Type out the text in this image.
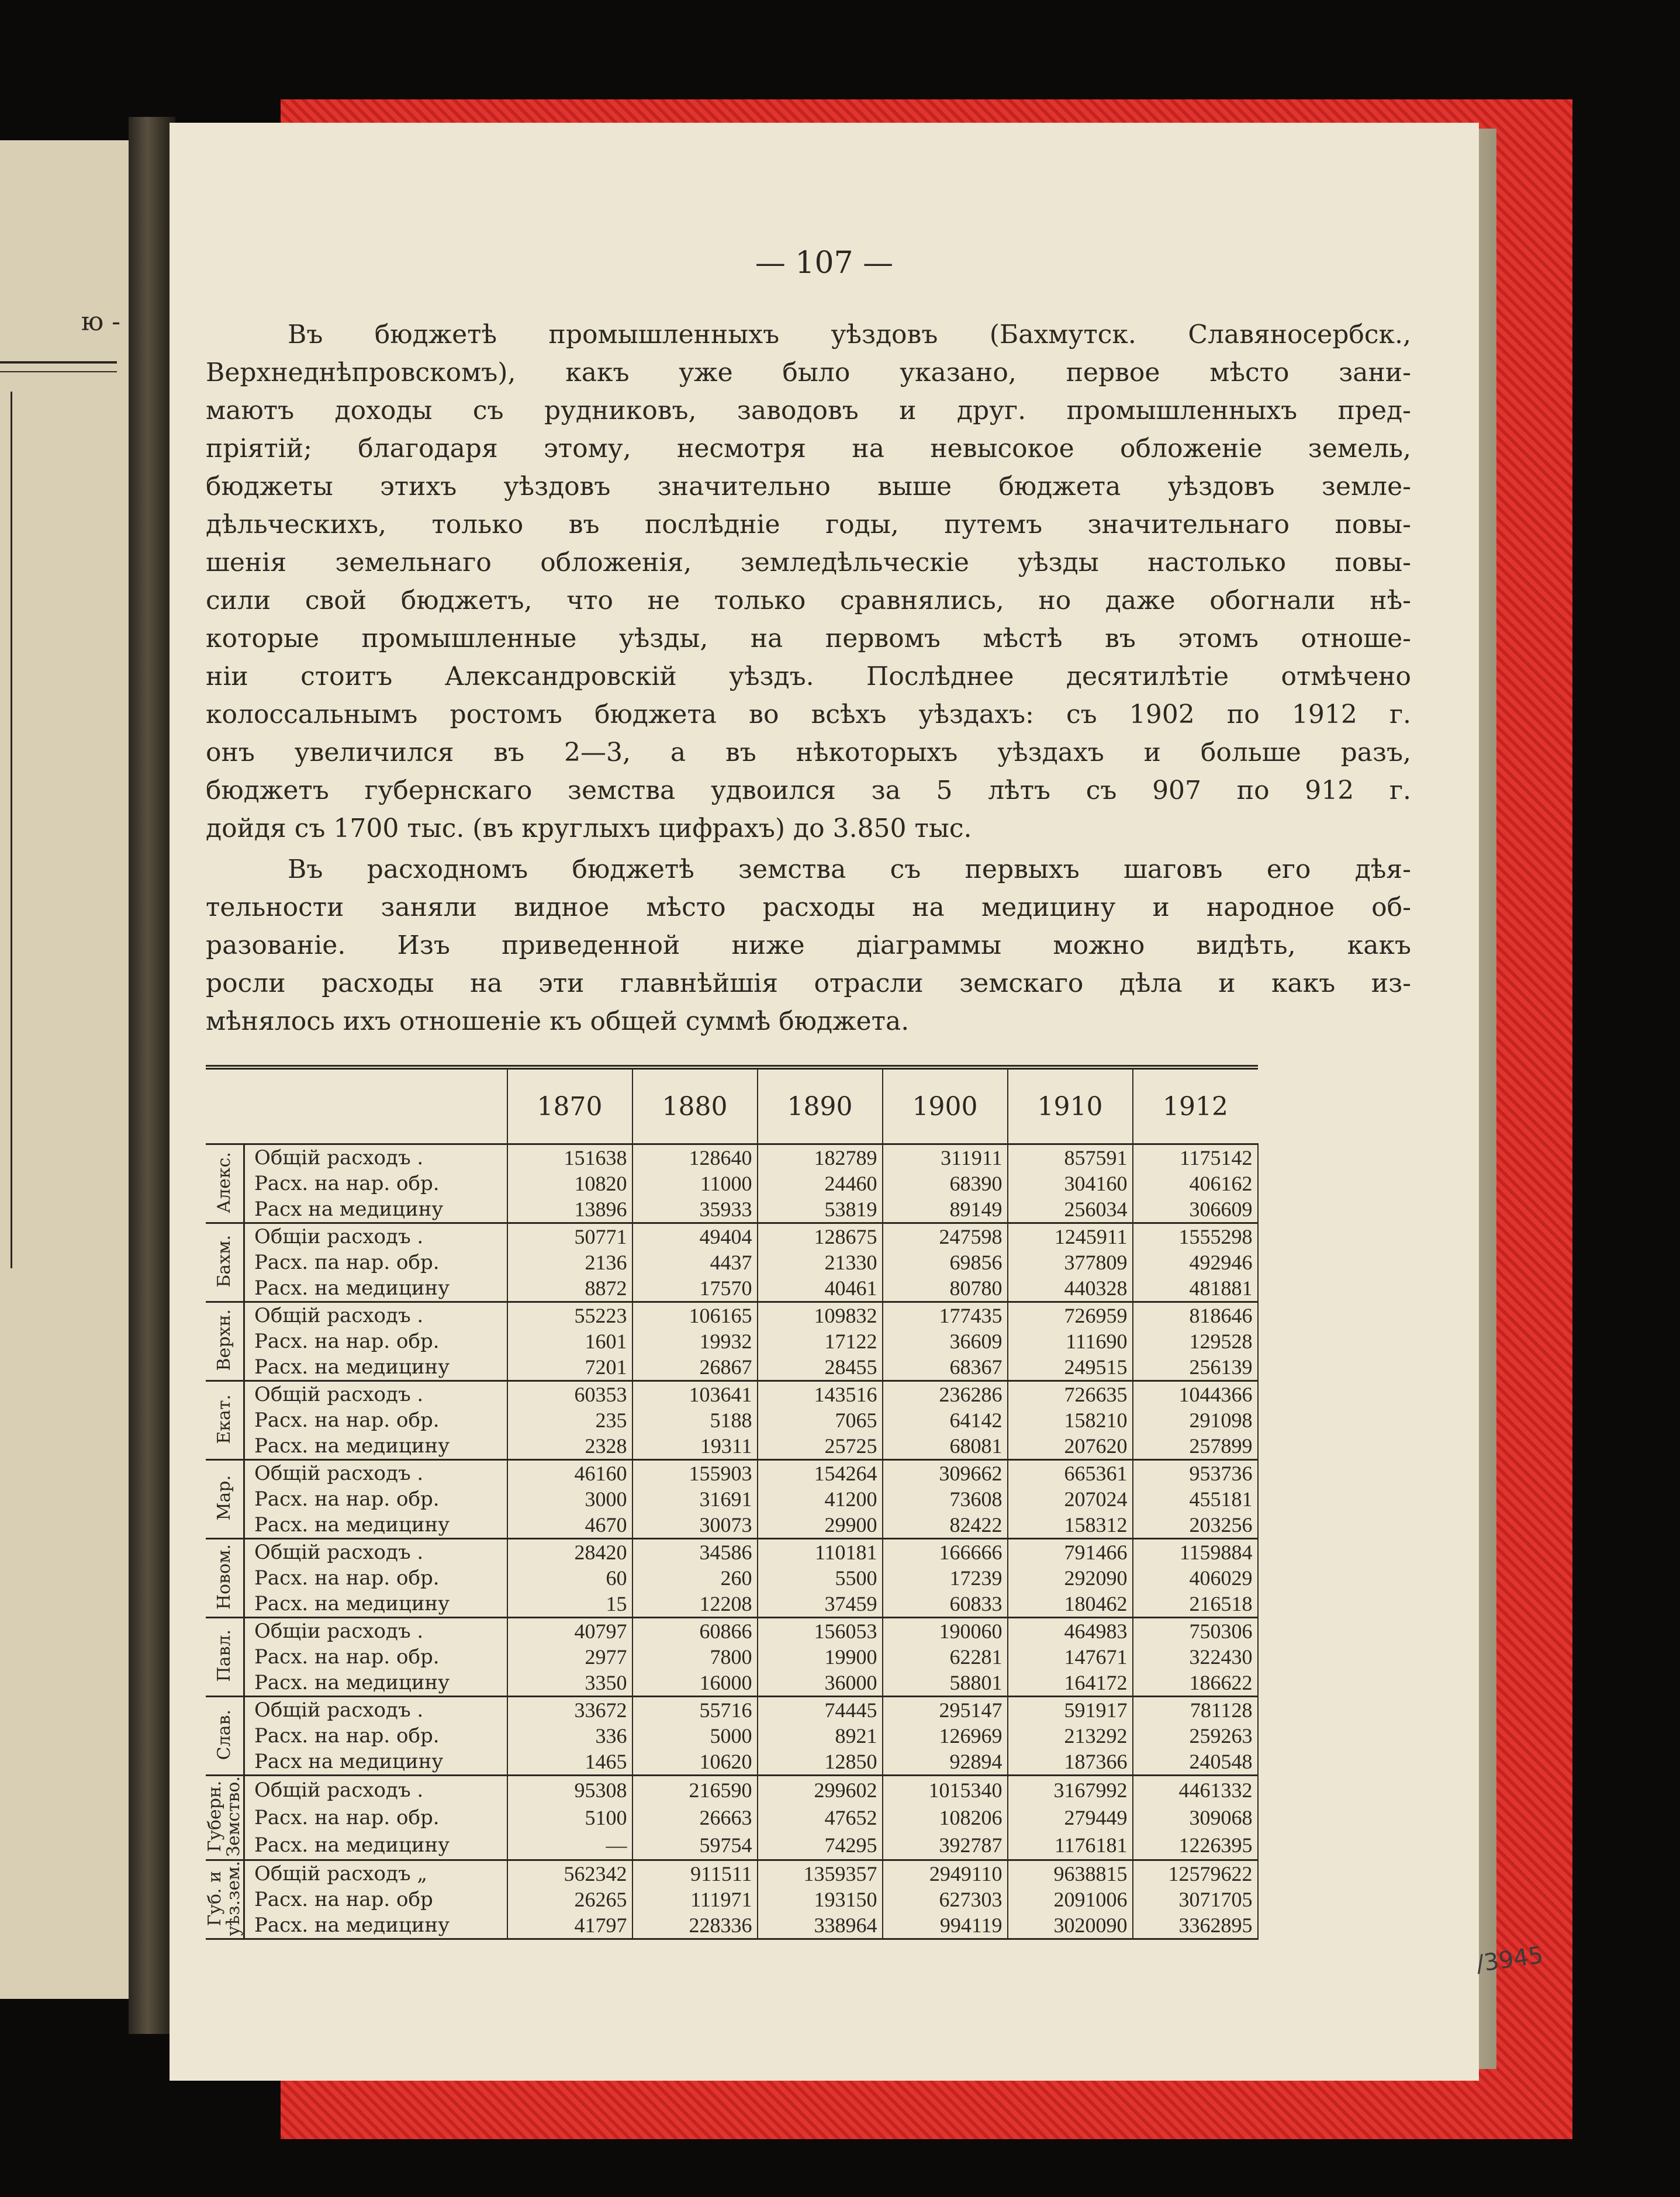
ю -
— 107 —

Въ бюджетѣ промышленныхъ уѣздовъ (Бахмутск. Славяносербск.,

Верхнеднѣпровскомъ), какъ уже было указано, первое мѣсто зани-

маютъ доходы съ рудниковъ, заводовъ и друг. промышленныхъ пред-

пріятій; благодаря этому, несмотря на невысокое обложеніе земель,

бюджеты этихъ уѣздовъ значительно выше бюджета уѣздовъ земле-

дѣльческихъ, только въ послѣдніе годы, путемъ значительнаго повы-

шенія земельнаго обложенія, земледѣльческіе уѣзды настолько повы-

сили свой бюджетъ, что не только сравнялись, но даже обогнали нѣ-

которые промышленные уѣзды, на первомъ мѣстѣ въ этомъ отноше-

ніи стоитъ Александровскій уѣздъ. Послѣднее десятилѣтіе отмѣчено

колоссальнымъ ростомъ бюджета во всѣхъ уѣздахъ: съ 1902 по 1912 г.

онъ увеличился въ 2—3, а въ нѣкоторыхъ уѣздахъ и больше разъ,

бюджетъ губернскаго земства удвоился за 5 лѣтъ съ 907 по 912 г.

дойдя съ 1700 тыс. (въ круглыхъ цифрахъ) до 3.850 тыс.

Въ расходномъ бюджетѣ земства съ первыхъ шаговъ его дѣя-

тельности заняли видное мѣсто расходы на медицину и народное об-

разованіе. Изъ приведенной ниже діаграммы можно видѣть, какъ

росли расходы на эти главнѣйшія отрасли земскаго дѣла и какъ из-

мѣнялось ихъ отношеніе къ общей суммѣ бюджета.

		1870	1880	1890	1900	1910	1912
Алекс.	Общій расходъ .	151638	128640	182789	311911	857591	1175142
	Расх. на нар. обр.	10820	11000	24460	68390	304160	406162
	Расх на медицину	13896	35933	53819	89149	256034	306609
Бахм.	Общіи расходъ .	50771	49404	128675	247598	1245911	1555298
	Расх. па нар. обр.	2136	4437	21330	69856	377809	492946
	Расх. на медицину	8872	17570	40461	80780	440328	481881
Верхн.	Общій расходъ .	55223	106165	109832	177435	726959	818646
	Расх. на нар. обр.	1601	19932	17122	36609	111690	129528
	Расх. на медицину	7201	26867	28455	68367	249515	256139
Екат.	Общій расходъ .	60353	103641	143516	236286	726635	1044366
	Расх. на нар. обр.	235	5188	7065	64142	158210	291098
	Расх. на медицину	2328	19311	25725	68081	207620	257899
Мар.	Общій расходъ .	46160	155903	154264	309662	665361	953736
	Расх. на нар. обр.	3000	31691	41200	73608	207024	455181
	Расх. на медицину	4670	30073	29900	82422	158312	203256
Новом.	Общій расходъ .	28420	34586	110181	166666	791466	1159884
	Расх. на нар. обр.	60	260	5500	17239	292090	406029
	Расх. на медицину	15	12208	37459	60833	180462	216518
Павл.	Общіи расходъ .	40797	60866	156053	190060	464983	750306
	Расх. на нар. обр.	2977	7800	19900	62281	147671	322430
	Расх. на медицину	3350	16000	36000	58801	164172	186622
Слав.	Общій расходъ .	33672	55716	74445	295147	591917	781128
	Расх. на нар. обр.	336	5000	8921	126969	213292	259263
	Расх на медицину	1465	10620	12850	92894	187366	240548
Губерн.
Земство.	Общій расходъ .	95308	216590	299602	1015340	3167992	4461332
	Расх. на нар. обр.	5100	26663	47652	108206	279449	309068
	Расх. на медицину	—	59754	74295	392787	1176181	1226395
Губ. и
уѣз.зем.	Общій расходъ „	562342	911511	1359357	2949110	9638815	12579622
	Расх. на нар. обр	26265	111971	193150	627303	2091006	3071705
	Расх. на медицину	41797	228336	338964	994119	3020090	3362895
/3945
